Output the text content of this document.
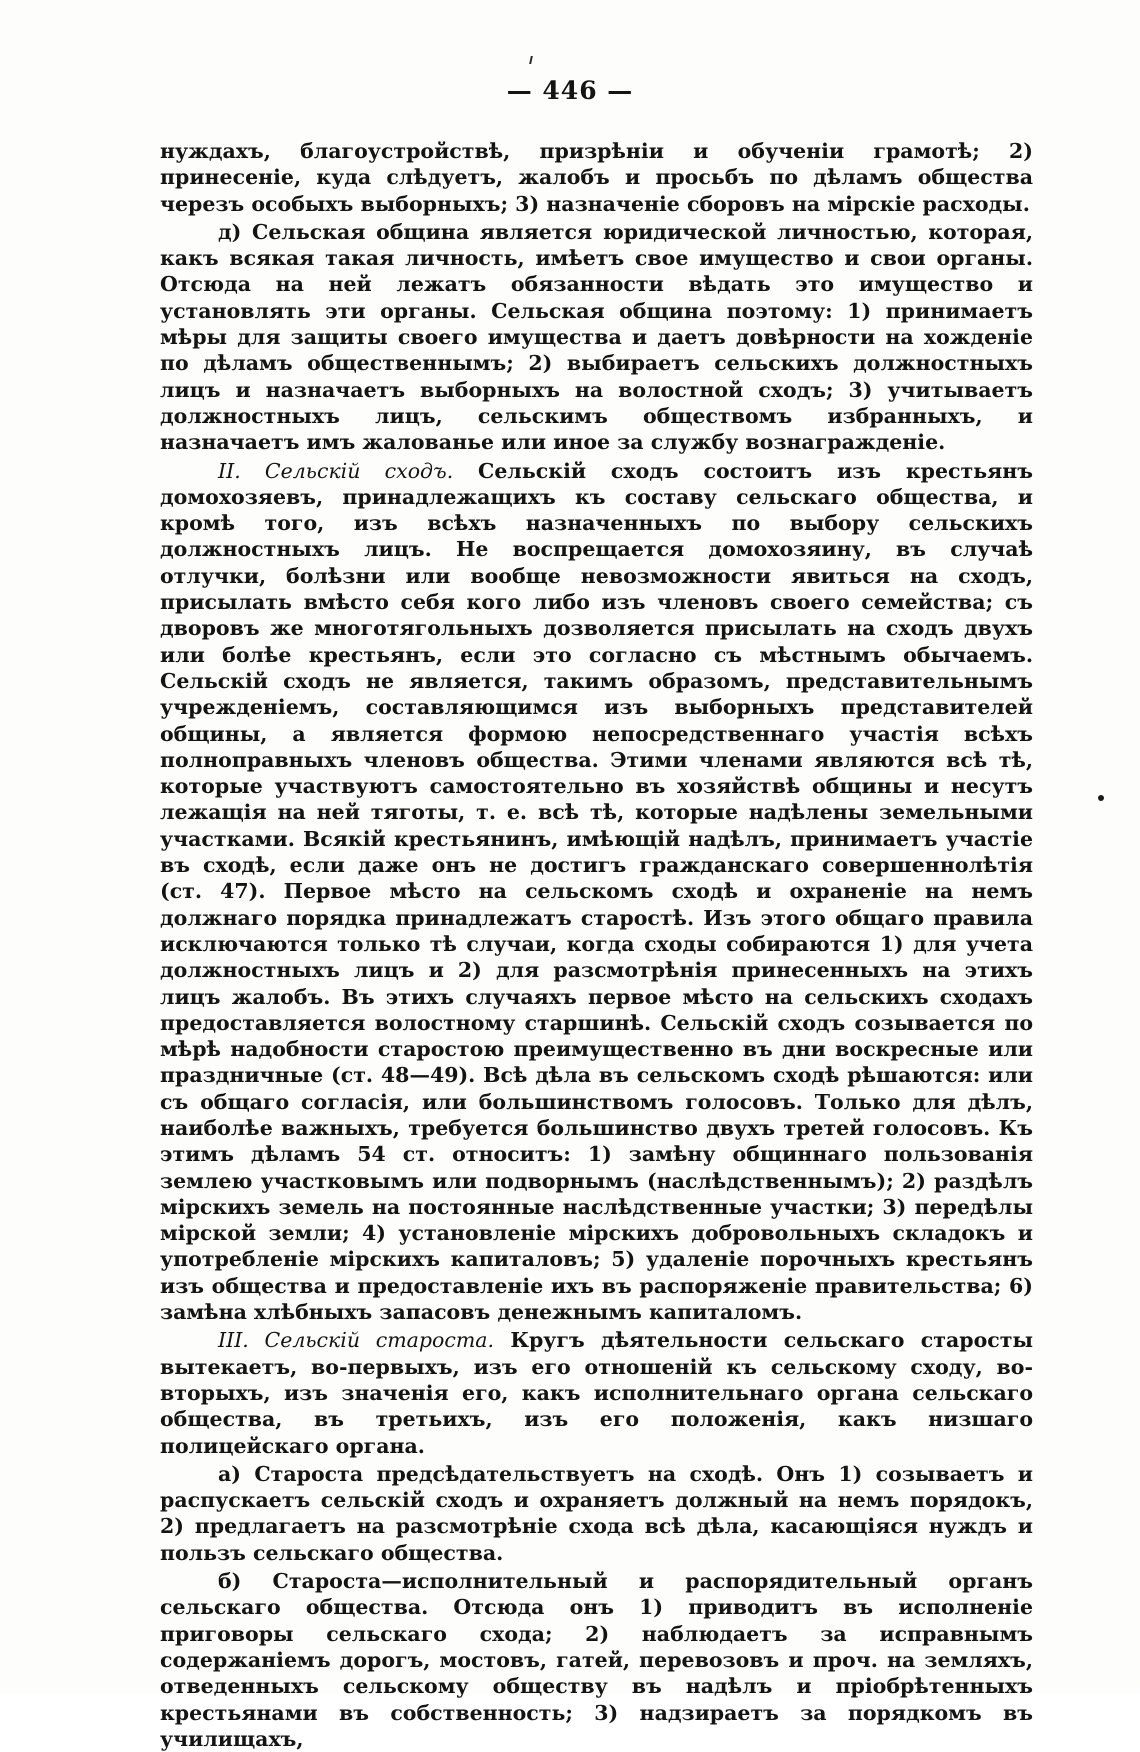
— 446 —

нуждахъ, благоустройствѣ, призрѣніи и обученіи грамотѣ; 2) принесеніе, куда слѣдуетъ, жалобъ и просьбъ по дѣламъ общества черезъ особыхъ выборныхъ; 3) назначеніе сборовъ на мірскіе расходы.

д) Сельская община является юридической личностью, которая, какъ всякая такая личность, имѣетъ свое имущество и свои органы. Отсюда на ней лежатъ обязанности вѣдать это имущество и установлять эти органы. Сельская община поэтому: 1) принимаетъ мѣры для защиты своего имущества и даетъ довѣрности на хожденіе по дѣламъ общественнымъ; 2) выбираетъ сельскихъ должностныхъ лицъ и назначаетъ выборныхъ на волостной сходъ; 3) учитываетъ должностныхъ лицъ, сельскимъ обществомъ избранныхъ, и назначаетъ имъ жалованье или иное за службу вознагражденіе.

II. Сельскій сходъ. Сельскій сходъ состоитъ изъ крестьянъ домохозяевъ, принадлежащихъ къ составу сельскаго общества, и кромѣ того, изъ всѣхъ назначенныхъ по выбору сельскихъ должностныхъ лицъ. Не воспрещается домохозяину, въ случаѣ отлучки, болѣзни или вообще невозможности явиться на сходъ, присылать вмѣсто себя кого либо изъ членовъ своего семейства; съ дворовъ же многотягольныхъ дозволяется присылать на сходъ двухъ или болѣе крестьянъ, если это согласно съ мѣстнымъ обычаемъ. Сельскій сходъ не является, такимъ образомъ, представительнымъ учрежденіемъ, составляющимся изъ выборныхъ представителей общины, а является формою непосредственнаго участія всѣхъ полноправныхъ членовъ общества. Этими членами являются всѣ тѣ, которые участвуютъ самостоятельно въ хозяйствѣ общины и несутъ лежащія на ней тяготы, т. е. всѣ тѣ, которые надѣлены земельными участками. Всякій крестьянинъ, имѣющій надѣлъ, принимаетъ участіе въ сходѣ, если даже онъ не достигъ гражданскаго совершеннолѣтія (ст. 47). Первое мѣсто на сельскомъ сходѣ и охраненіе на немъ должнаго порядка принадлежатъ старостѣ. Изъ этого общаго правила исключаются только тѣ случаи, когда сходы собираются 1) для учета должностныхъ лицъ и 2) для разсмотрѣнія принесенныхъ на этихъ лицъ жалобъ. Въ этихъ случаяхъ первое мѣсто на сельскихъ сходахъ предоставляется волостному старшинѣ. Сельскій сходъ созывается по мѣрѣ надобности старостою преимущественно въ дни воскресные или праздничные (ст. 48—49). Всѣ дѣла въ сельскомъ сходѣ рѣшаются: или съ общаго согласія, или большинствомъ голосовъ. Только для дѣлъ, наиболѣе важныхъ, требуется большинство двухъ третей голосовъ. Къ этимъ дѣламъ 54 ст. относитъ: 1) замѣну общиннаго пользованія землею участковымъ или подворнымъ (наслѣдственнымъ); 2) раздѣлъ мірскихъ земель на постоянные наслѣдственные участки; 3) передѣлы мірской земли; 4) установленіе мірскихъ добровольныхъ складокъ и употребленіе мірскихъ капиталовъ; 5) удаленіе порочныхъ крестьянъ изъ общества и предоставленіе ихъ въ распоряженіе правительства; 6) замѣна хлѣбныхъ запасовъ денежнымъ капиталомъ.

III. Сельскій староста. Кругъ дѣятельности сельскаго старосты вытекаетъ, во-первыхъ, изъ его отношеній къ сельскому сходу, во-вторыхъ, изъ значенія его, какъ исполнительнаго органа сельскаго общества, въ третьихъ, изъ его положенія, какъ низшаго полицейскаго органа.

а) Староста предсѣдательствуетъ на сходѣ. Онъ 1) созываетъ и распускаетъ сельскій сходъ и охраняетъ должный на немъ порядокъ, 2) предлагаетъ на разсмотрѣніе схода всѣ дѣла, касающіяся нуждъ и пользъ сельскаго общества.

б) Староста—исполнительный и распорядительный органъ сельскаго общества. Отсюда онъ 1) приводитъ въ исполненіе приговоры сельскаго схода; 2) наблюдаетъ за исправнымъ содержаніемъ дорогъ, мостовъ, гатей, перевозовъ и проч. на земляхъ, отведенныхъ сельскому обществу въ надѣлъ и пріобрѣтенныхъ крестьянами въ собственность; 3) надзираетъ за порядкомъ въ училищахъ,
